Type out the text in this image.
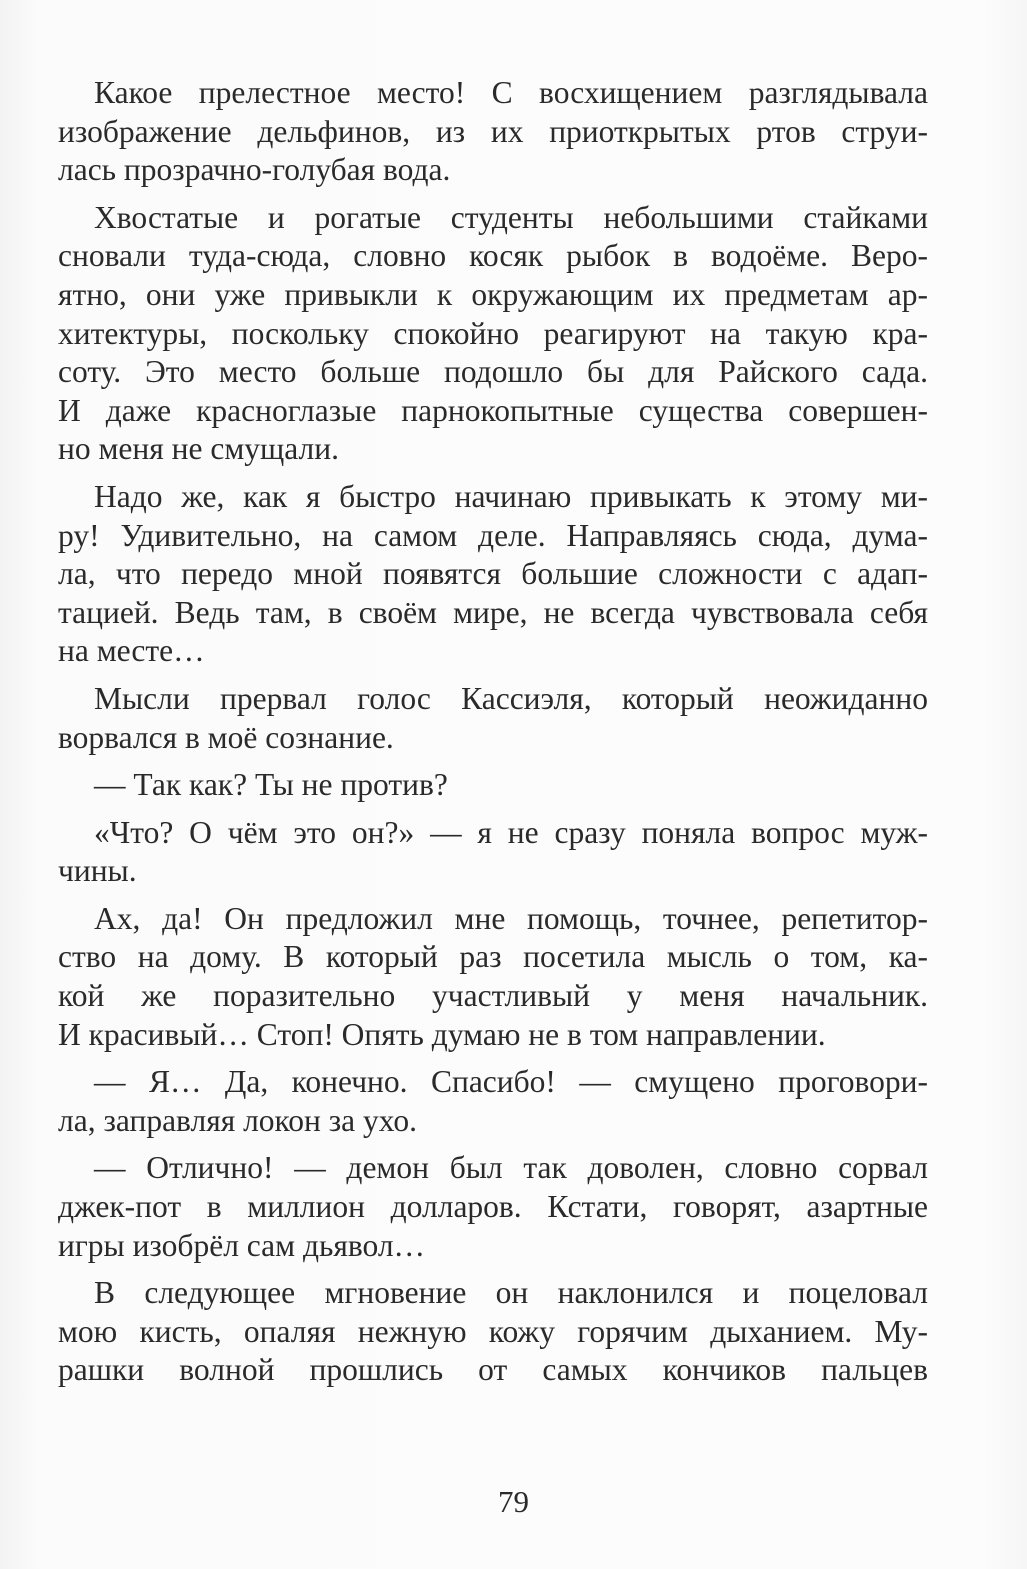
Какое прелестное место! С восхищением разглядывала
изображение дельфинов, из их приоткрытых ртов струи-
лась прозрачно-голубая вода.
Хвостатые и рогатые студенты небольшими стайками
сновали туда-сюда, словно косяк рыбок в водоёме. Веро-
ятно, они уже привыкли к окружающим их предметам ар-
хитектуры, поскольку спокойно реагируют на такую кра-
соту. Это место больше подошло бы для Райского сада.
И даже красноглазые парнокопытные существа совершен-
но меня не смущали.
Надо же, как я быстро начинаю привыкать к этому ми-
ру! Удивительно, на самом деле. Направляясь сюда, дума-
ла, что передо мной появятся большие сложности с адап-
тацией. Ведь там, в своём мире, не всегда чувствовала себя
на месте…
Мысли прервал голос Кассиэля, который неожиданно
ворвался в моё сознание.
— Так как? Ты не против?
«Что? О чём это он?» — я не сразу поняла вопрос муж-
чины.
Ах, да! Он предложил мне помощь, точнее, репетитор-
ство на дому. В который раз посетила мысль о том, ка-
кой же поразительно участливый у меня начальник.
И красивый… Стоп! Опять думаю не в том направлении.
— Я… Да, конечно. Спасибо! — смущено проговори-
ла, заправляя локон за ухо.
— Отлично! — демон был так доволен, словно сорвал
джек-пот в миллион долларов. Кстати, говорят, азартные
игры изобрёл сам дьявол…
В следующее мгновение он наклонился и поцеловал
мою кисть, опаляя нежную кожу горячим дыханием. Му-
рашки волной прошлись от самых кончиков пальцев
79
